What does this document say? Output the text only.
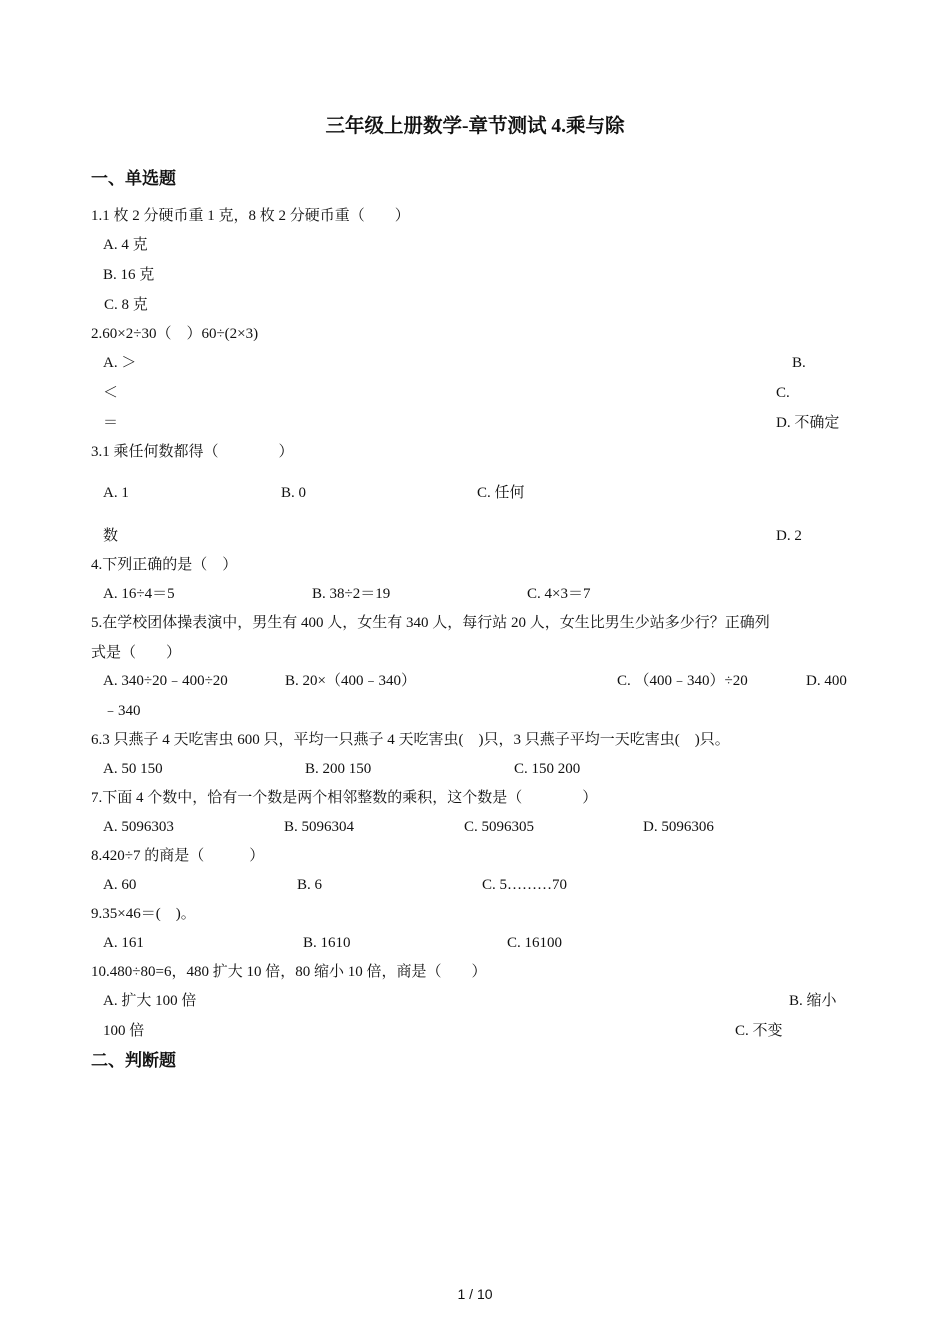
三年级上册数学-章节测试 4.乘与除
一、单选题
1.1 枚 2 分硬币重 1 克，8 枚 2 分硬币重（　　）
A. 4 克
B. 16 克
C. 8 克
2.60×2÷30（　）60÷(2×3)
A. ＞	B.
＜	C.
＝	D. 不确定
3.1 乘任何数都得（　　　　）
A. 1	B. 0	C. 任何
数	D. 2
4.下列正确的是（　）
A. 16÷4＝5	B. 38÷2＝19	C. 4×3＝7
5.在学校团体操表演中，男生有 400 人，女生有 340 人，每行站 20 人，女生比男生少站多少行？正确列
式是（　　）
A. 340÷20﹣400÷20	B. 20×（400﹣340）	C. （400﹣340）÷20	D. 400
﹣340
6.3 只燕子 4 天吃害虫 600 只，平均一只燕子 4 天吃害虫(　)只，3 只燕子平均一天吃害虫(　)只。
A. 50 150	B. 200 150	C. 150 200
7.下面 4 个数中，恰有一个数是两个相邻整数的乘积，这个数是（　　　　）
A. 5096303	B. 5096304	C. 5096305	D. 5096306
8.420÷7 的商是（　　　）
A. 60	B. 6	C. 5………70
9.35×46＝(　)。
A. 161	B. 1610	C. 16100
10.480÷80=6，480 扩大 10 倍，80 缩小 10 倍，商是（　　）
A. 扩大 100 倍	B. 缩小
100 倍	C. 不变
二、判断题
1 / 10
